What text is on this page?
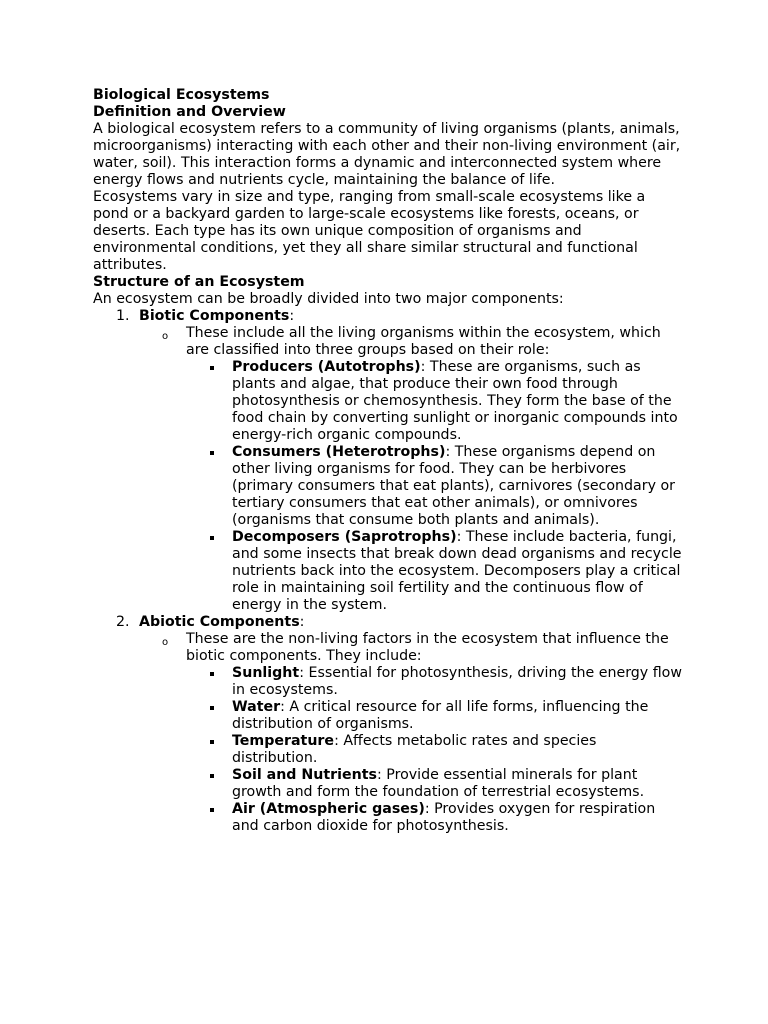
Biological Ecosystems

Definition and Overview

A biological ecosystem refers to a community of living organisms (plants, animals, microorganisms) interacting with each other and their non-living environment (air, water, soil). This interaction forms a dynamic and interconnected system where energy flows and nutrients cycle, maintaining the balance of life.

Ecosystems vary in size and type, ranging from small-scale ecosystems like a pond or a backyard garden to large-scale ecosystems like forests, oceans, or deserts. Each type has its own unique composition of organisms and environmental conditions, yet they all share similar structural and functional attributes.

Structure of an Ecosystem

An ecosystem can be broadly divided into two major components:

1. Biotic Components:

o These include all the living organisms within the ecosystem, which are classified into three groups based on their role:

Producers (Autotrophs): These are organisms, such as plants and algae, that produce their own food through photosynthesis or chemosynthesis. They form the base of the food chain by converting sunlight or inorganic compounds into energy-rich organic compounds.

Consumers (Heterotrophs): These organisms depend on other living organisms for food. They can be herbivores (primary consumers that eat plants), carnivores (secondary or tertiary consumers that eat other animals), or omnivores (organisms that consume both plants and animals).

Decomposers (Saprotrophs): These include bacteria, fungi, and some insects that break down dead organisms and recycle nutrients back into the ecosystem. Decomposers play a critical role in maintaining soil fertility and the continuous flow of energy in the system.

2. Abiotic Components:

o These are the non-living factors in the ecosystem that influence the biotic components. They include:

Sunlight: Essential for photosynthesis, driving the energy flow in ecosystems.

Water: A critical resource for all life forms, influencing the distribution of organisms.

Temperature: Affects metabolic rates and species distribution.

Soil and Nutrients: Provide essential minerals for plant growth and form the foundation of terrestrial ecosystems.

Air (Atmospheric gases): Provides oxygen for respiration and carbon dioxide for photosynthesis.
